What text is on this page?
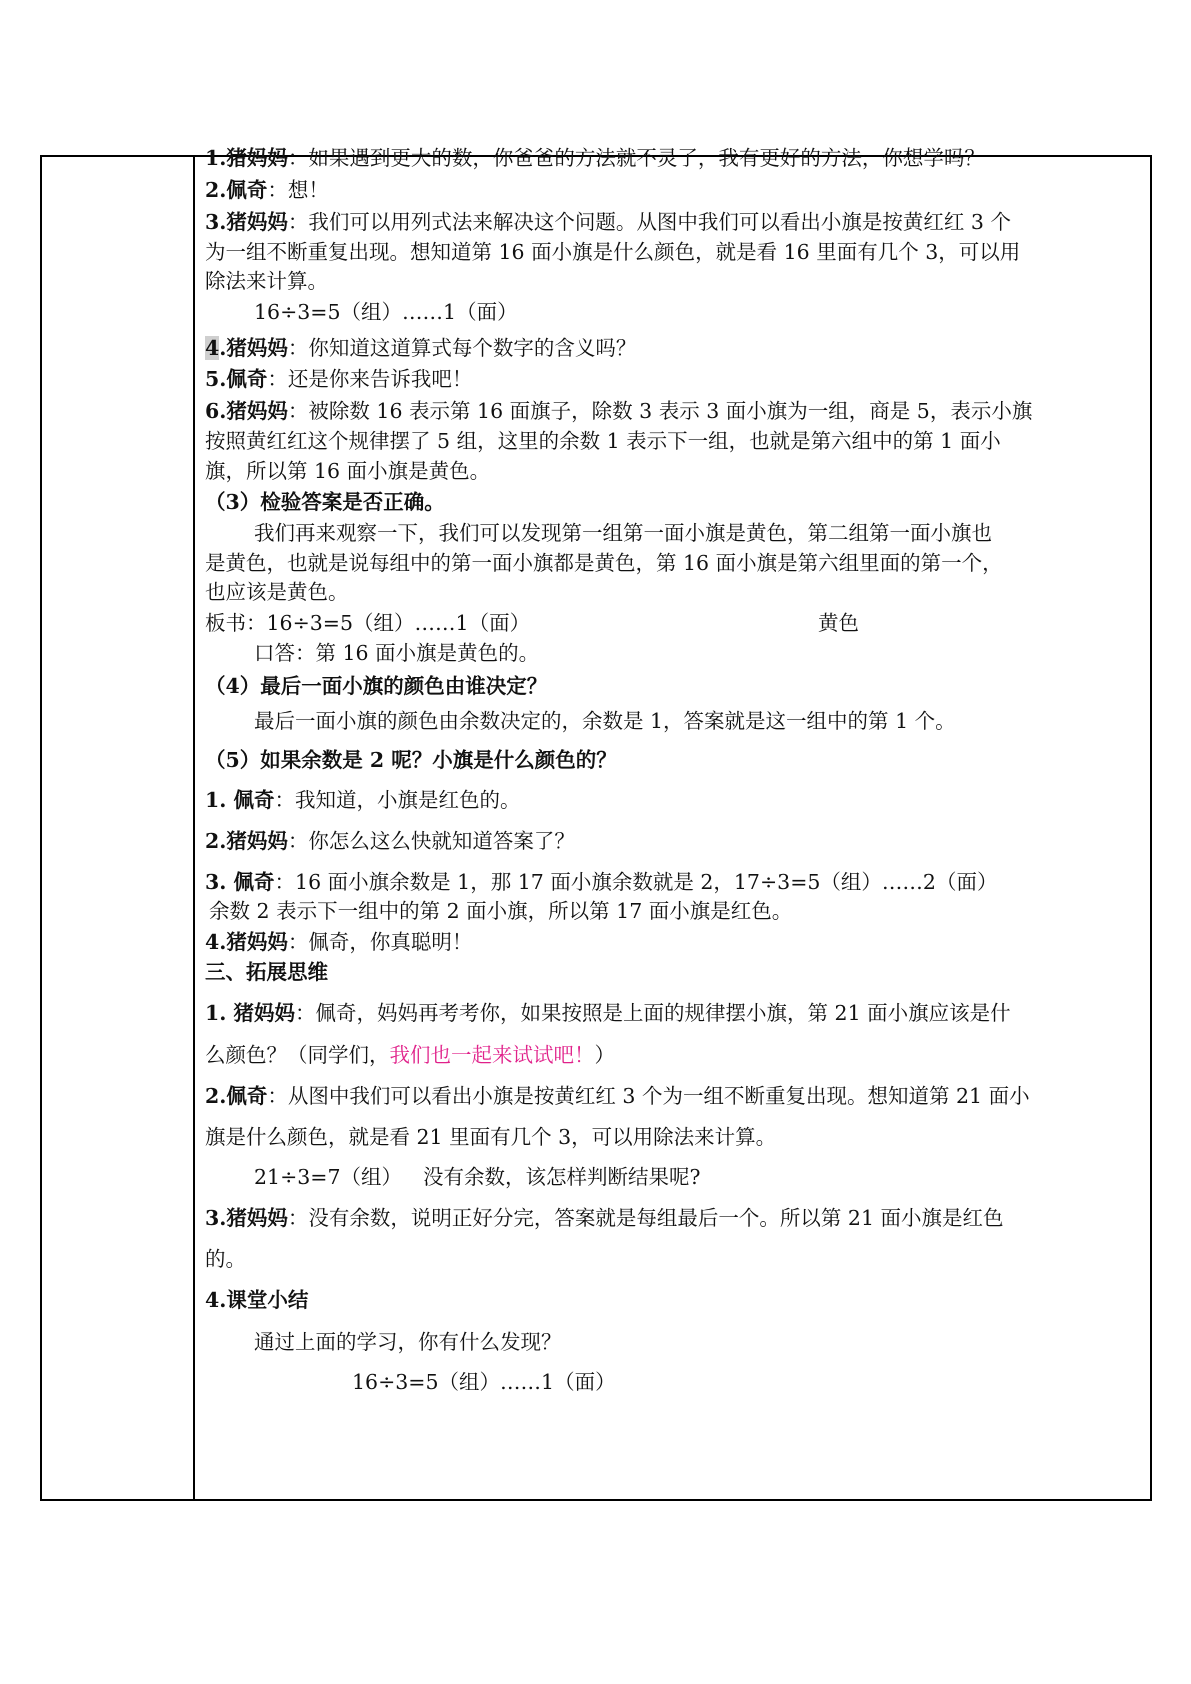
1.猪妈妈：如果遇到更大的数，你爸爸的方法就不灵了，我有更好的方法，你想学吗？
2.佩奇：想！
3.猪妈妈：我们可以用列式法来解决这个问题。从图中我们可以看出小旗是按黄红红 3 个
为一组不断重复出现。想知道第 16 面小旗是什么颜色，就是看 16 里面有几个 3，可以用
除法来计算。
16÷3=5（组）……1（面）
4.猪妈妈：你知道这道算式每个数字的含义吗？
5.佩奇：还是你来告诉我吧！
6.猪妈妈：被除数 16 表示第 16 面旗子，除数 3 表示 3 面小旗为一组，商是 5，表示小旗
按照黄红红这个规律摆了 5 组，这里的余数 1 表示下一组，也就是第六组中的第 1 面小
旗，所以第 16 面小旗是黄色。
（3）检验答案是否正确。
我们再来观察一下，我们可以发现第一组第一面小旗是黄色，第二组第一面小旗也
是黄色，也就是说每组中的第一面小旗都是黄色，第 16 面小旗是第六组里面的第一个，
也应该是黄色。
板书：16÷3=5（组）……1（面）	黄色
口答：第 16 面小旗是黄色的。
（4）最后一面小旗的颜色由谁决定？
最后一面小旗的颜色由余数决定的，余数是 1，答案就是这一组中的第 1 个。
（5）如果余数是 2 呢？小旗是什么颜色的？
1. 佩奇：我知道，小旗是红色的。
2.猪妈妈：你怎么这么快就知道答案了？
3. 佩奇：16 面小旗余数是 1，那 17 面小旗余数就是 2，17÷3=5（组）……2（面）
余数 2 表示下一组中的第 2 面小旗，所以第 17 面小旗是红色。
4.猪妈妈：佩奇，你真聪明！
三、拓展思维
1. 猪妈妈：佩奇，妈妈再考考你，如果按照是上面的规律摆小旗，第 21 面小旗应该是什
么颜色？（同学们，我们也一起来试试吧！）
2.佩奇：从图中我们可以看出小旗是按黄红红 3 个为一组不断重复出现。想知道第 21 面小
旗是什么颜色，就是看 21 里面有几个 3，可以用除法来计算。
21÷3=7（组） 没有余数，该怎样判断结果呢?
3.猪妈妈：没有余数，说明正好分完，答案就是每组最后一个。所以第 21 面小旗是红色
的。
4.课堂小结
通过上面的学习，你有什么发现？
16÷3=5（组）……1（面）
